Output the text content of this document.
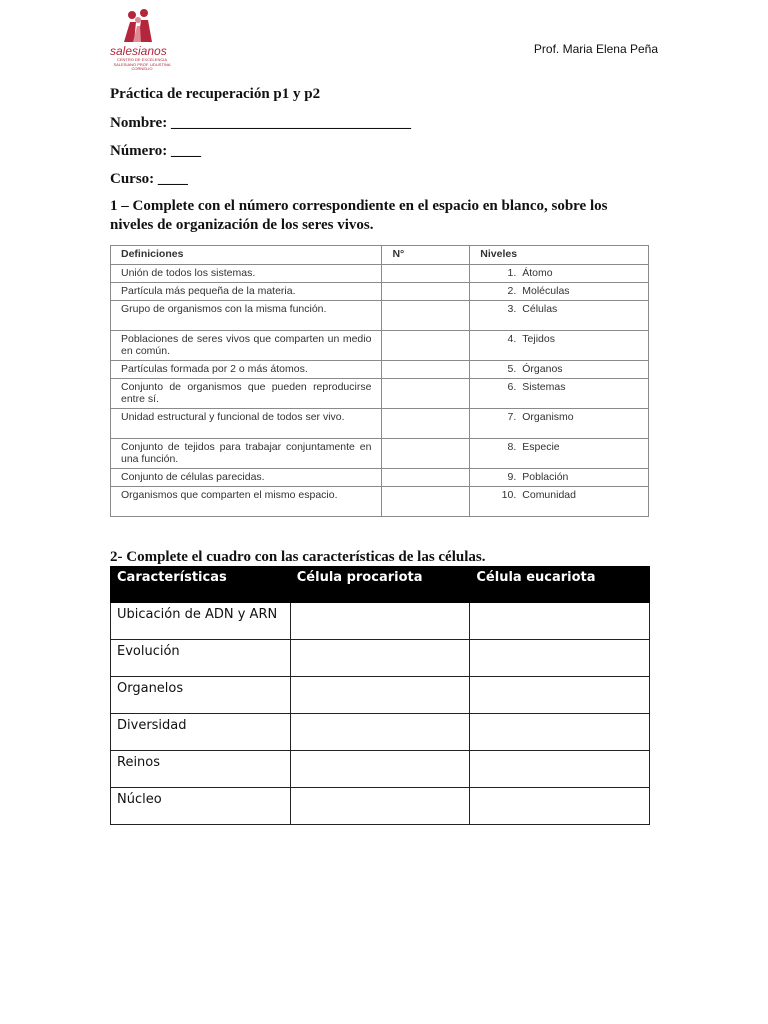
salesianos
CENTRO DE EXCELENCIA SALESIANO PROF. UDUSTINA CORNELIO
Prof. Maria Elena Peña
Práctica de recuperación p1 y p2
Nombre: ________________________________
Número: ____
Curso: ____
1 – Complete con el número correspondiente en el espacio en blanco, sobre los niveles de organización de los seres vivos.
Definiciones	N°	Niveles
Unión de todos los sistemas.		1. Átomo
Partícula más pequeña de la materia.		2. Moléculas
Grupo de organismos con la misma función.		3. Células
Poblaciones de seres vivos que comparten un medio en común.		4. Tejidos
Partículas formada por 2 o más átomos.		5. Órganos
Conjunto de organismos que pueden reproducirse entre sí.		6. Sistemas
Unidad estructural y funcional de todos ser vivo.		7. Organismo
Conjunto de tejidos para trabajar conjuntamente en una función.		8. Especie
Conjunto de células parecidas.		9. Población
Organismos que comparten el mismo espacio.		10. Comunidad
2- Complete el cuadro con las características de las células.
Características	Célula procariota	Célula eucariota
Ubicación de ADN y ARN		
Evolución		
Organelos		
Diversidad		
Reinos		
Núcleo		
